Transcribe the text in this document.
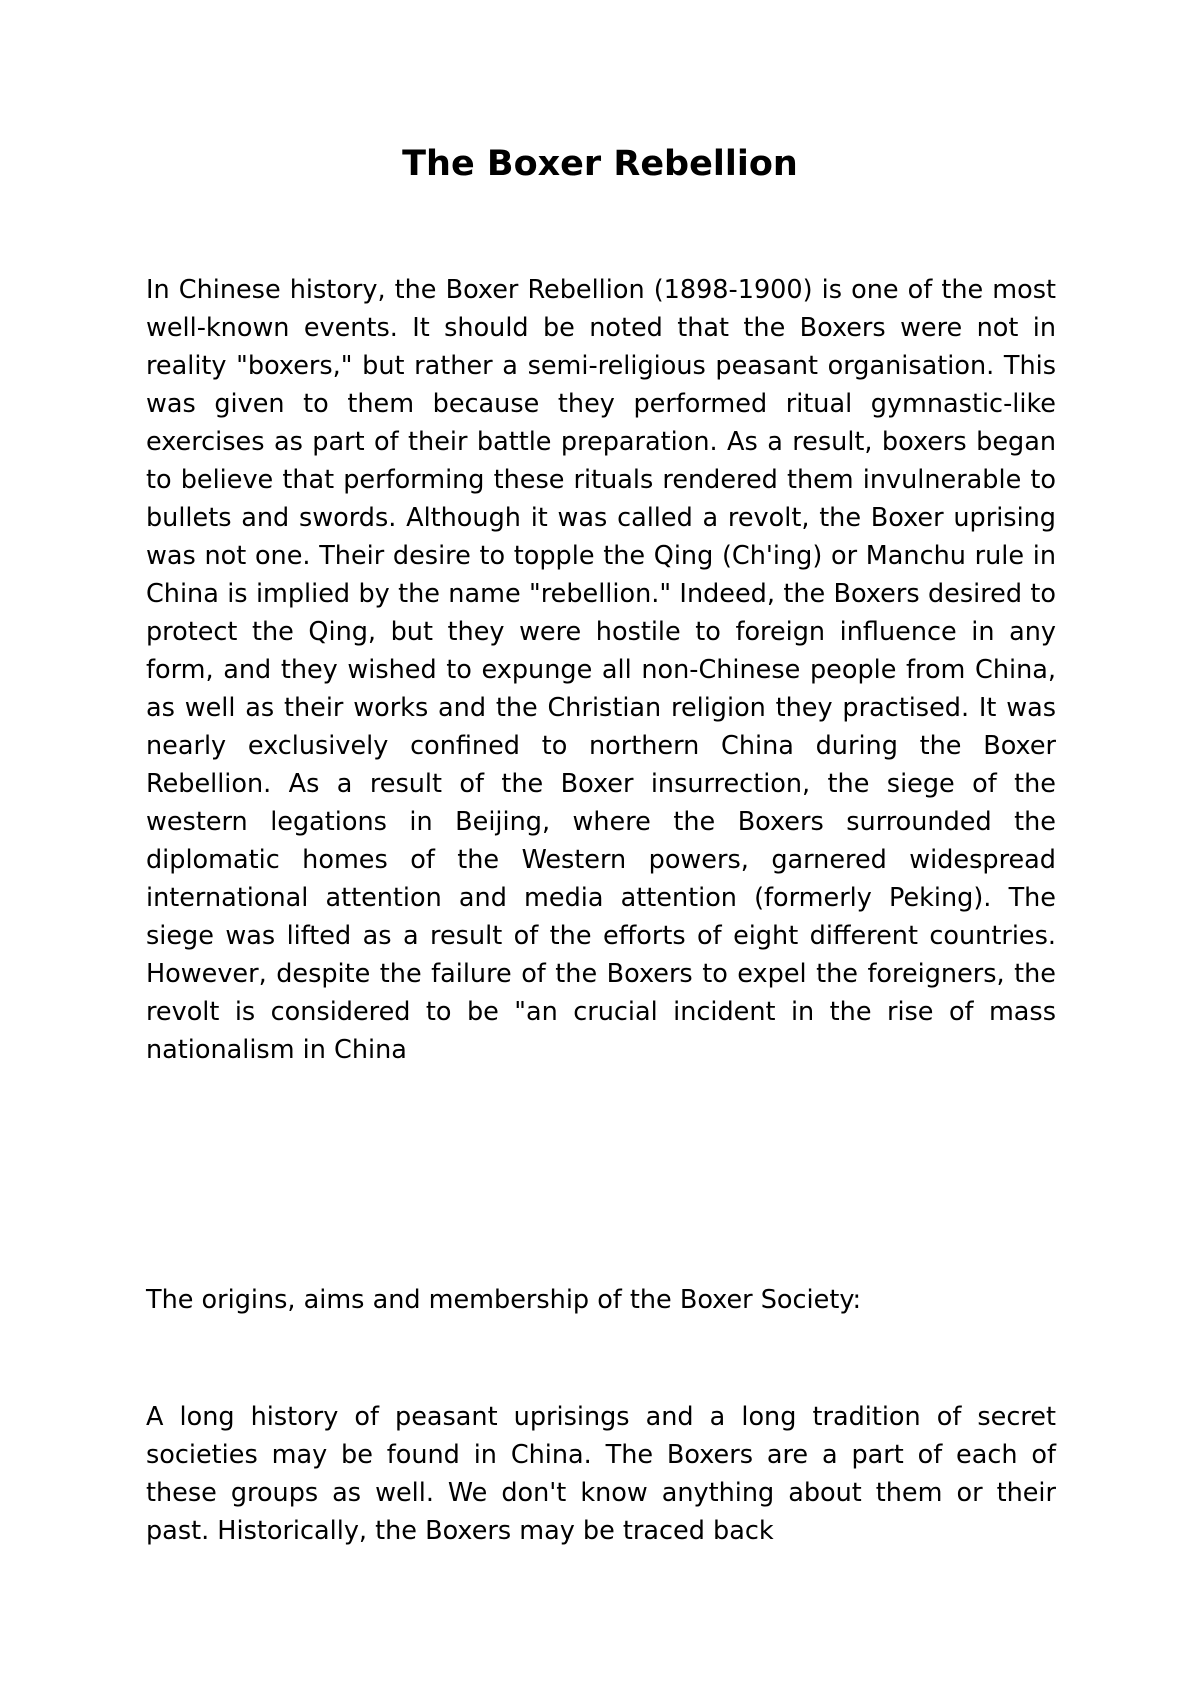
The Boxer Rebellion

In Chinese history, the Boxer Rebellion (1898-1900) is one of the most well-known events. It should be noted that the Boxers were not in reality "boxers," but rather a semi-religious peasant organisation. This was given to them because they performed ritual gymnastic-like exercises as part of their battle preparation. As a result, boxers began to believe that performing these rituals rendered them invulnerable to bullets and swords. Although it was called a revolt, the Boxer uprising was not one. Their desire to topple the Qing (Ch'ing) or Manchu rule in China is implied by the name "rebellion." Indeed, the Boxers desired to protect the Qing, but they were hostile to foreign influence in any form, and they wished to expunge all non-Chinese people from China, as well as their works and the Christian religion they practised. It was nearly exclusively confined to northern China during the Boxer Rebellion. As a result of the Boxer insurrection, the siege of the western legations in Beijing, where the Boxers surrounded the diplomatic homes of the Western powers, garnered widespread international attention and media attention (formerly Peking). The siege was lifted as a result of the efforts of eight different countries. However, despite the failure of the Boxers to expel the foreigners, the revolt is considered to be "an crucial incident in the rise of mass nationalism in China

The origins, aims and membership of the Boxer Society:

A long history of peasant uprisings and a long tradition of secret societies may be found in China. The Boxers are a part of each of these groups as well. We don't know anything about them or their past. Historically, the Boxers may be traced back
